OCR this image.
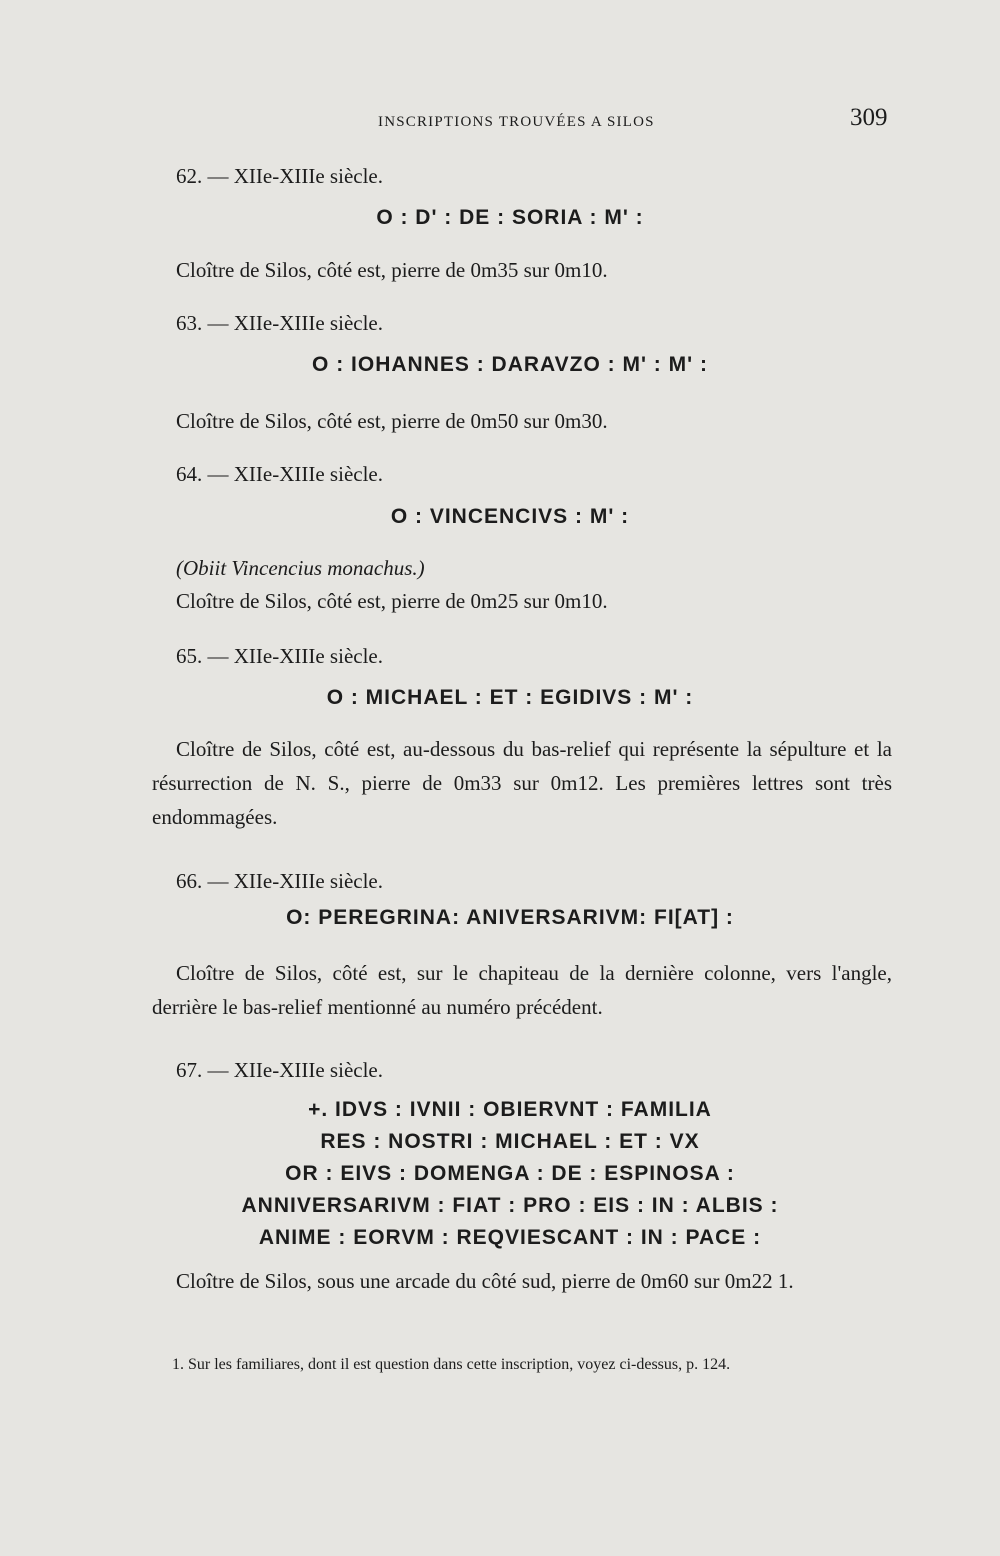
INSCRIPTIONS TROUVÉES A SILOS	309
62. — XIIe-XIIIe siècle.
O : D' : DE : SORIA : M' :
Cloître de Silos, côté est, pierre de 0m35 sur 0m10.
63. — XIIe-XIIIe siècle.
O : IOHANNES : DARAVZO : M' : M' :
Cloître de Silos, côté est, pierre de 0m50 sur 0m30.
64. — XIIe-XIIIe siècle.
O : VINCENCIVS : M' :
(Obiit Vincencius monachus.)
Cloître de Silos, côté est, pierre de 0m25 sur 0m10.
65. — XIIe-XIIIe siècle.
O : MICHAEL : ET : EGIDIVS : M' :
Cloître de Silos, côté est, au-dessous du bas-relief qui représente la sépulture et la résurrection de N. S., pierre de 0m33 sur 0m12. Les premières lettres sont très endommagées.
66. — XIIe-XIIIe siècle.
O: PEREGRINA: ANIVERSARIVM: FI[AT] :
Cloître de Silos, côté est, sur le chapiteau de la dernière colonne, vers l'angle, derrière le bas-relief mentionné au numéro précédent.
67. — XIIe-XIIIe siècle.
+. IDVS : IVNII : OBIERVNT : FAMILIA
RES : NOSTRI : MICHAEL : ET : VX
OR : EIVS : DOMENGA : DE : ESPINOSA :
ANNIVERSARIVM : FIAT : PRO : EIS : IN : ALBIS :
ANIME : EORVM : REQVIESCANT : IN : PACE :
Cloître de Silos, sous une arcade du côté sud, pierre de 0m60 sur 0m22 1.
1. Sur les familiares, dont il est question dans cette inscription, voyez ci-dessus, p. 124.
